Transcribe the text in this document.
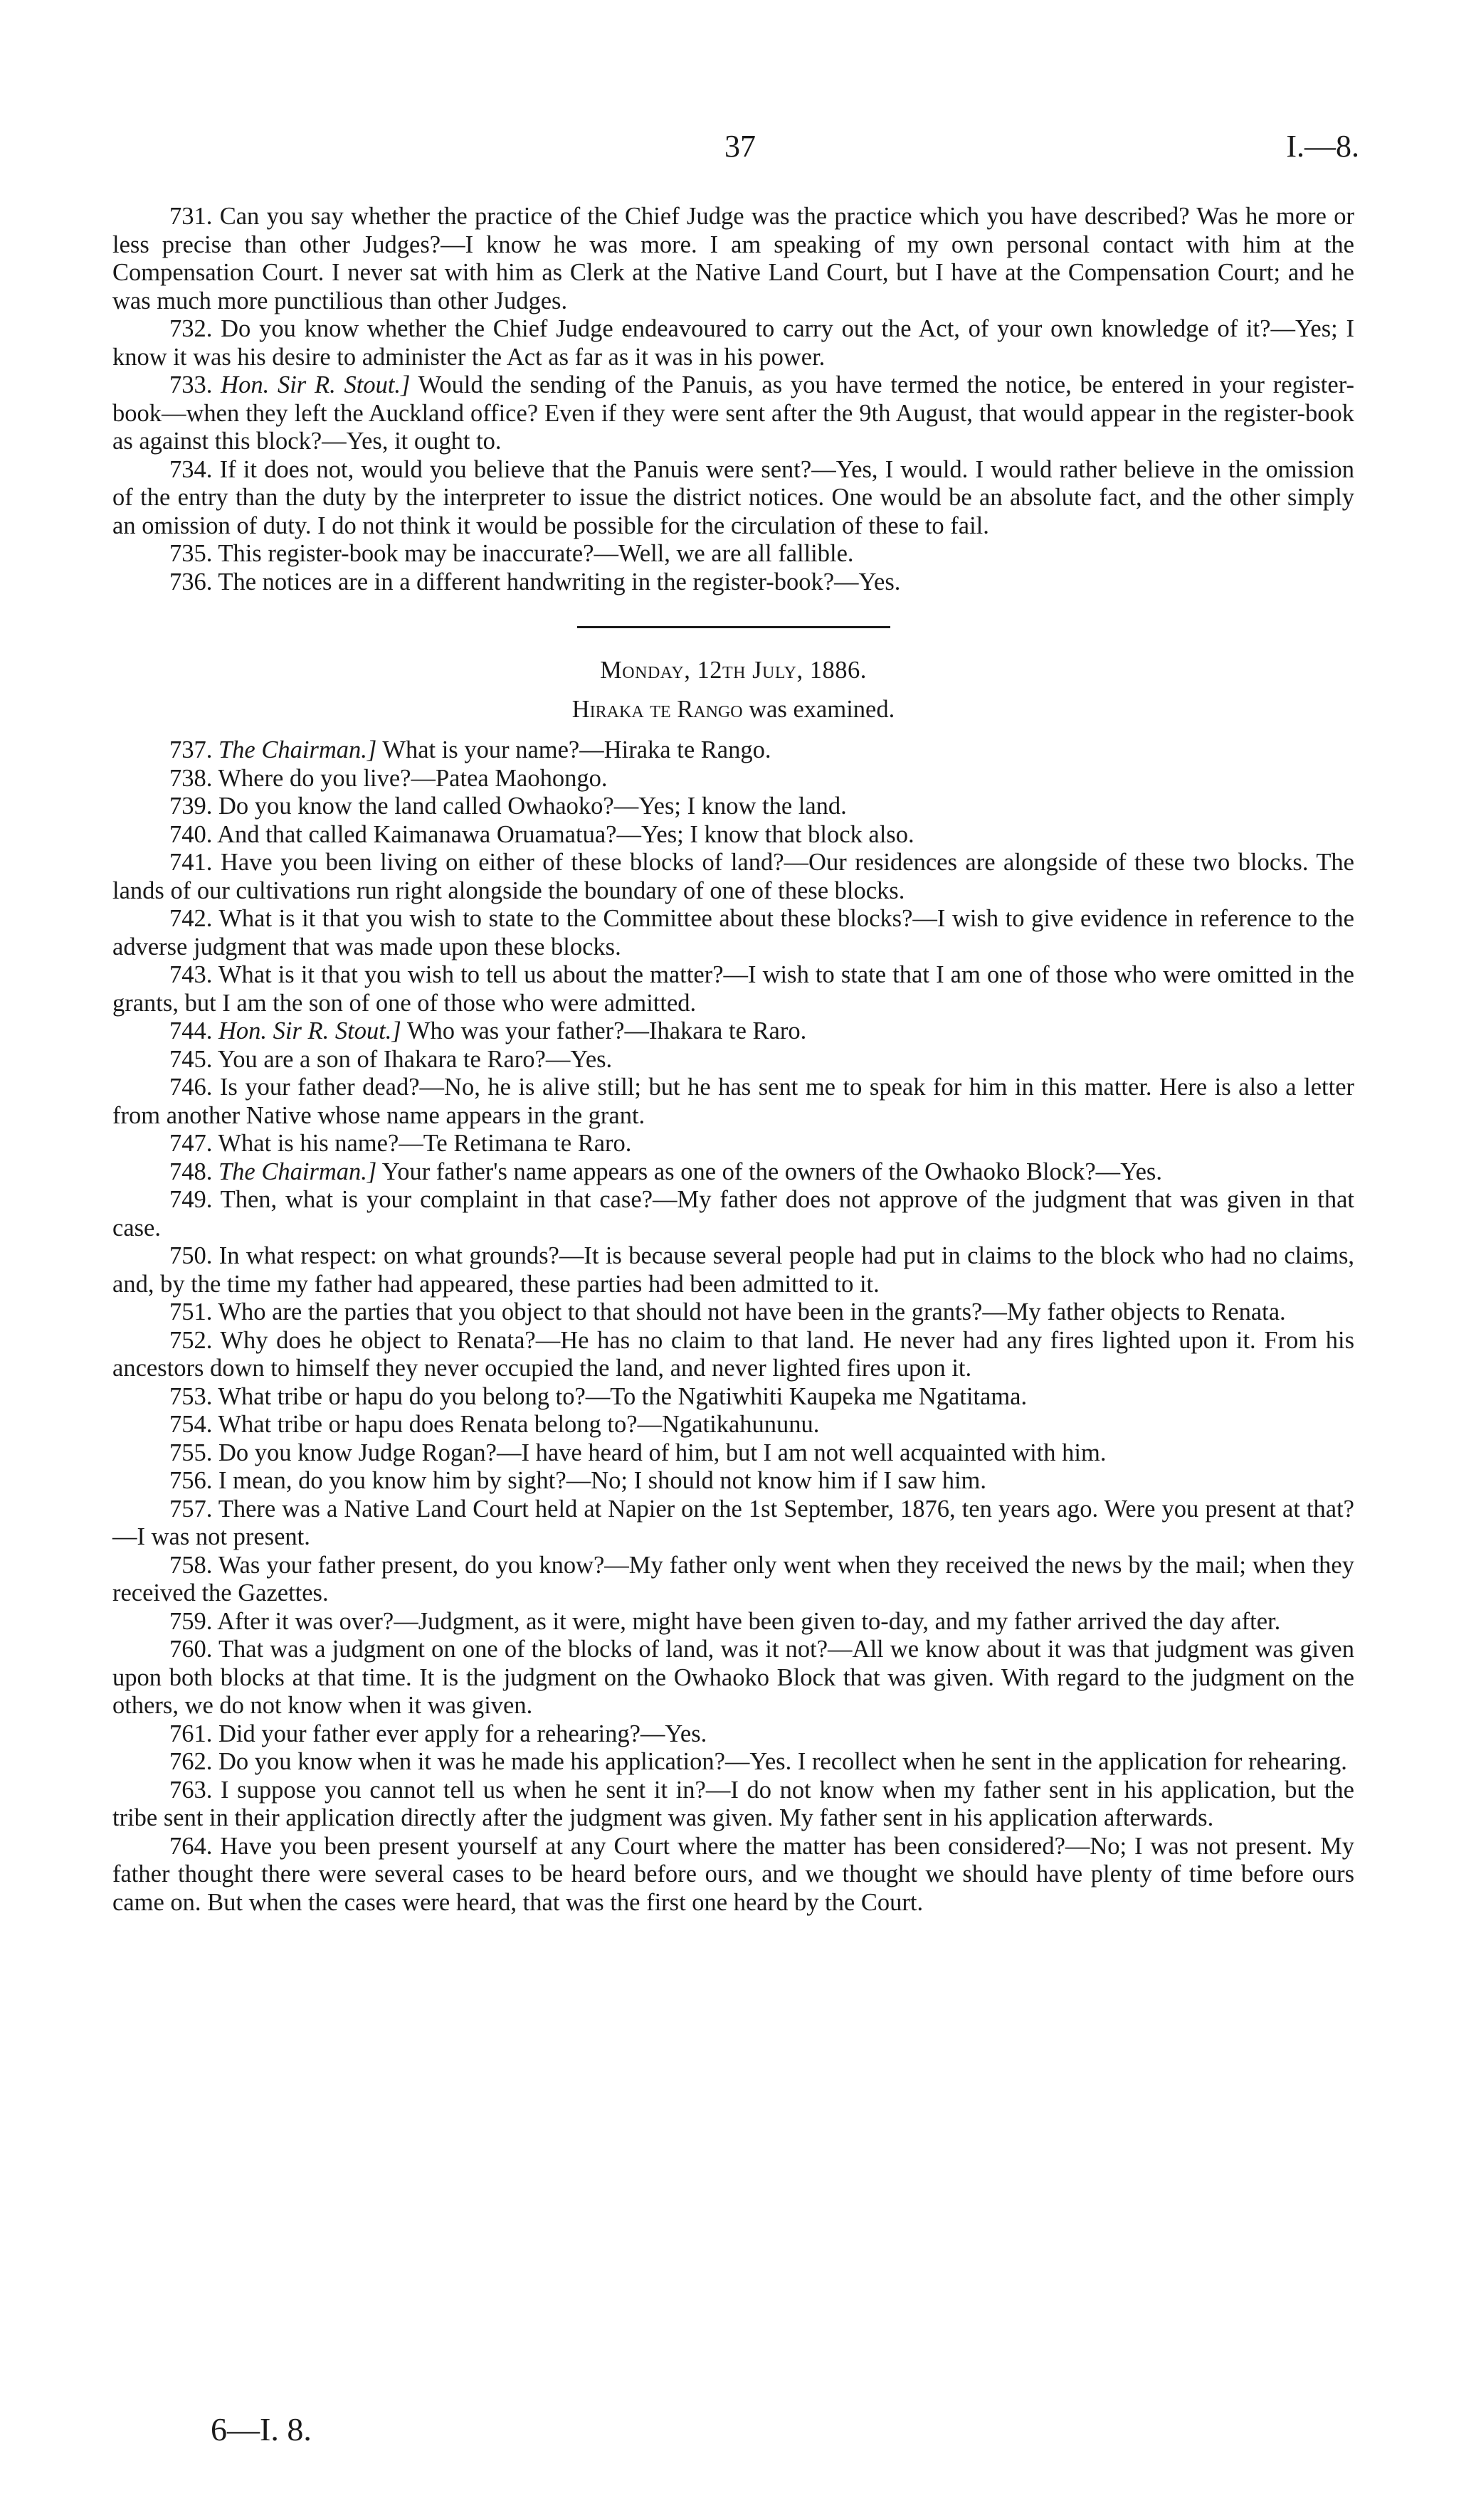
37	I.—8.

731. Can you say whether the practice of the Chief Judge was the practice which you have described? Was he more or less precise than other Judges?—I know he was more. I am speaking of my own personal contact with him at the Compensation Court. I never sat with him as Clerk at the Native Land Court, but I have at the Compensation Court; and he was much more punctilious than other Judges.

732. Do you know whether the Chief Judge endeavoured to carry out the Act, of your own knowledge of it?—Yes; I know it was his desire to administer the Act as far as it was in his power.

733. Hon. Sir R. Stout.] Would the sending of the Panuis, as you have termed the notice, be entered in your register-book—when they left the Auckland office? Even if they were sent after the 9th August, that would appear in the register-book as against this block?—Yes, it ought to.

734. If it does not, would you believe that the Panuis were sent?—Yes, I would. I would rather believe in the omission of the entry than the duty by the interpreter to issue the district notices. One would be an absolute fact, and the other simply an omission of duty. I do not think it would be possible for the circulation of these to fail.

735. This register-book may be inaccurate?—Well, we are all fallible.

736. The notices are in a different handwriting in the register-book?—Yes.

Monday, 12th July, 1886.

Hiraka te Rango was examined.

737. The Chairman.] What is your name?—Hiraka te Rango.

738. Where do you live?—Patea Maohongo.

739. Do you know the land called Owhaoko?—Yes; I know the land.

740. And that called Kaimanawa Oruamatua?—Yes; I know that block also.

741. Have you been living on either of these blocks of land?—Our residences are alongside of these two blocks. The lands of our cultivations run right alongside the boundary of one of these blocks.

742. What is it that you wish to state to the Committee about these blocks?—I wish to give evidence in reference to the adverse judgment that was made upon these blocks.

743. What is it that you wish to tell us about the matter?—I wish to state that I am one of those who were omitted in the grants, but I am the son of one of those who were admitted.

744. Hon. Sir R. Stout.] Who was your father?—Ihakara te Raro.

745. You are a son of Ihakara te Raro?—Yes.

746. Is your father dead?—No, he is alive still; but he has sent me to speak for him in this matter. Here is also a letter from another Native whose name appears in the grant.

747. What is his name?—Te Retimana te Raro.

748. The Chairman.] Your father's name appears as one of the owners of the Owhaoko Block?—Yes.

749. Then, what is your complaint in that case?—My father does not approve of the judgment that was given in that case.

750. In what respect: on what grounds?—It is because several people had put in claims to the block who had no claims, and, by the time my father had appeared, these parties had been admitted to it.

751. Who are the parties that you object to that should not have been in the grants?—My father objects to Renata.

752. Why does he object to Renata?—He has no claim to that land. He never had any fires lighted upon it. From his ancestors down to himself they never occupied the land, and never lighted fires upon it.

753. What tribe or hapu do you belong to?—To the Ngatiwhiti Kaupeka me Ngatitama.

754. What tribe or hapu does Renata belong to?—Ngatikahununu.

755. Do you know Judge Rogan?—I have heard of him, but I am not well acquainted with him.

756. I mean, do you know him by sight?—No; I should not know him if I saw him.

757. There was a Native Land Court held at Napier on the 1st September, 1876, ten years ago. Were you present at that?—I was not present.

758. Was your father present, do you know?—My father only went when they received the news by the mail; when they received the Gazettes.

759. After it was over?—Judgment, as it were, might have been given to-day, and my father arrived the day after.

760. That was a judgment on one of the blocks of land, was it not?—All we know about it was that judgment was given upon both blocks at that time. It is the judgment on the Owhaoko Block that was given. With regard to the judgment on the others, we do not know when it was given.

761. Did your father ever apply for a rehearing?—Yes.

762. Do you know when it was he made his application?—Yes. I recollect when he sent in the application for rehearing.

763. I suppose you cannot tell us when he sent it in?—I do not know when my father sent in his application, but the tribe sent in their application directly after the judgment was given. My father sent in his application afterwards.

764. Have you been present yourself at any Court where the matter has been considered?—No; I was not present. My father thought there were several cases to be heard before ours, and we thought we should have plenty of time before ours came on. But when the cases were heard, that was the first one heard by the Court.

6—I. 8.
